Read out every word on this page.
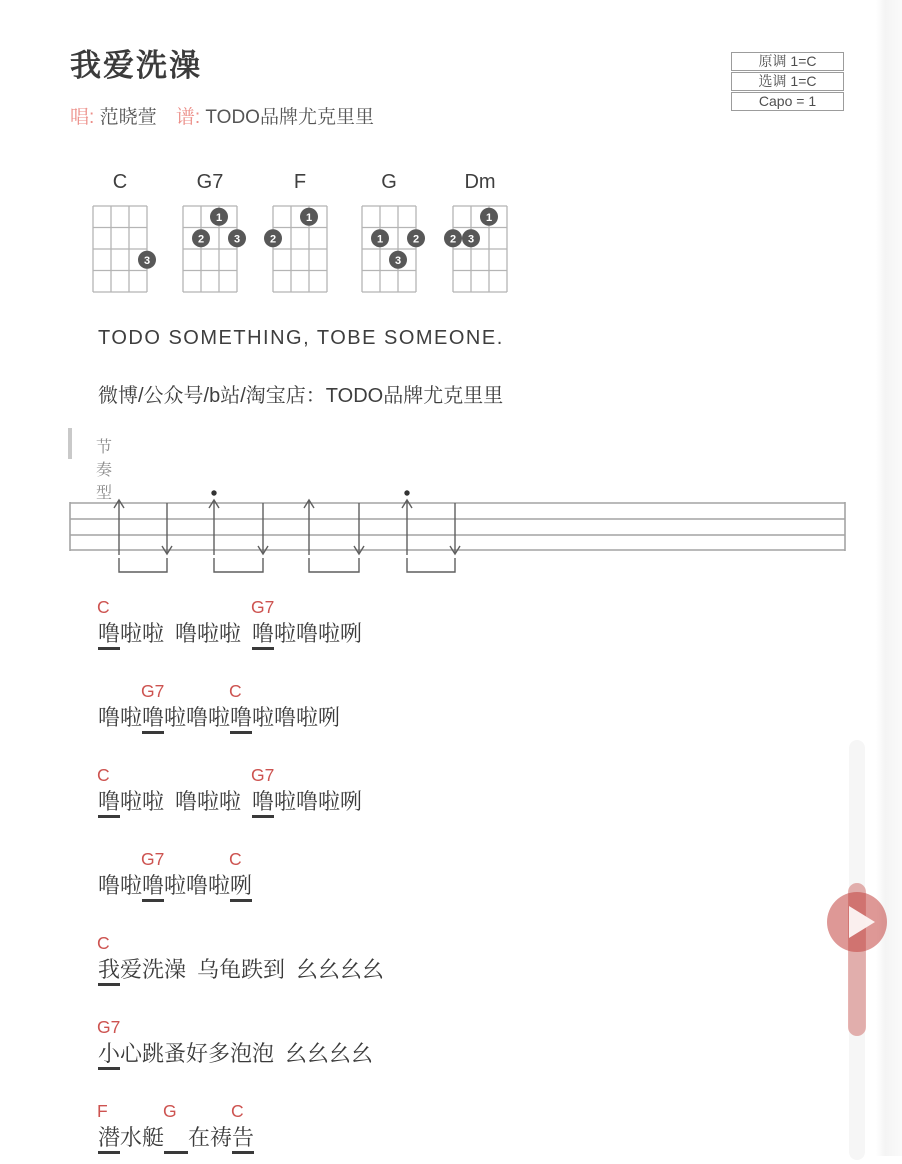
我爱洗澡	原调 1=C
选调 1=C
Capo = 1
唱: 范晓萱 谱: TODO品牌尤克里里
C
3
G7
1
2	3
F
1
2
G
1	2
3
Dm
1
2 3
TODO SOMETHING, TOBE SOMEONE.
微博/公众号/b站/淘宝店：TODO品牌尤克里里
节奏型
噜
C
啦啦 噜啦啦 噜
G7
啦噜啦咧
噜啦噜
G7
啦噜啦噜
C
啦噜啦咧
噜
C
啦啦 噜啦啦 噜
G7
啦噜啦咧
噜啦噜
G7
啦噜啦咧
C
我
C
爱洗澡 乌龟跌到 幺幺幺幺
小
G7
心跳蚤好多泡泡 幺幺幺幺
潜
F
水艇
G
在祷告
C
